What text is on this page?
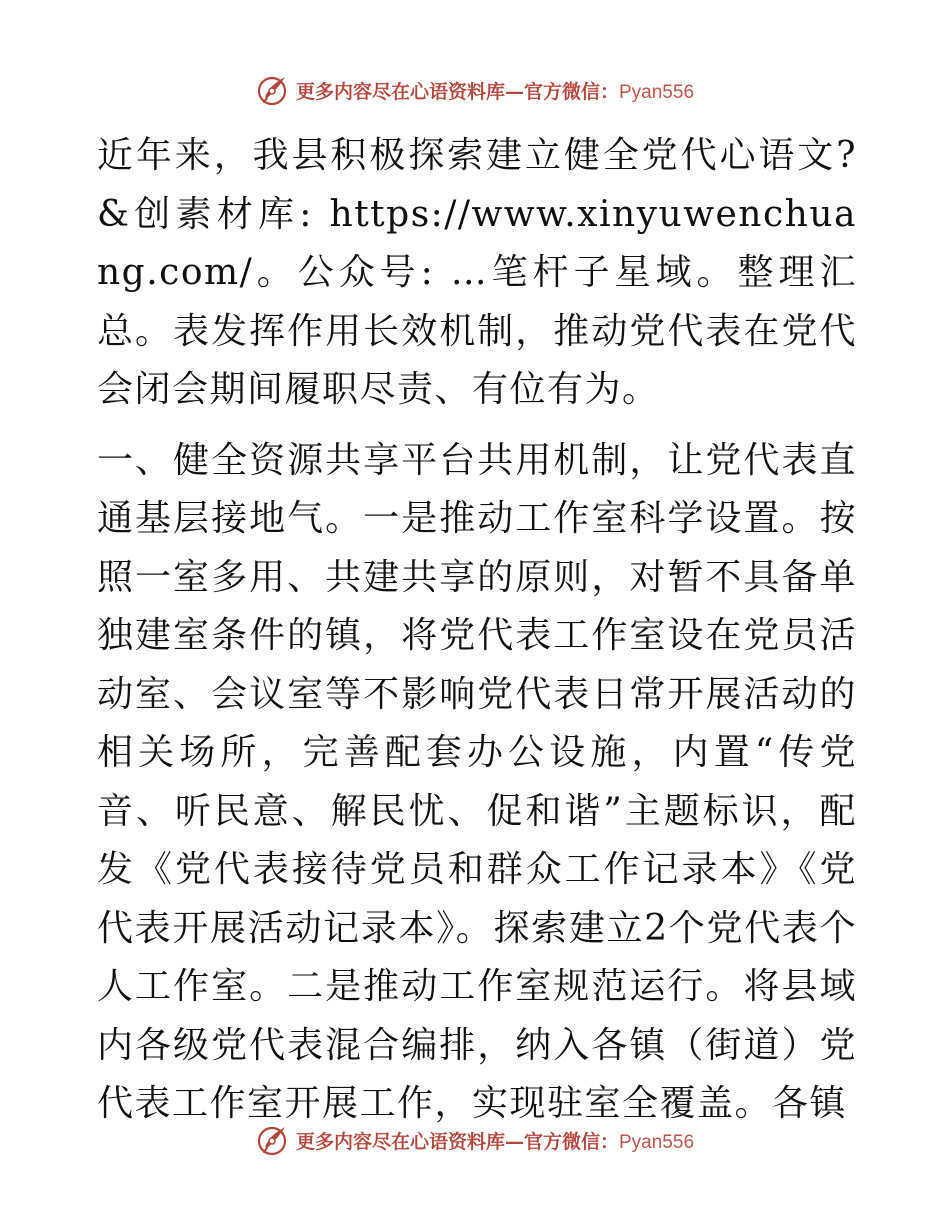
更多内容尽在心语资料库—官方微信：Pyan556

近年来，我县积极探索建立健全党代心语文?&创素材库: https://www.xinyuwenchuang.com/。公众号: …笔杆子星域。整理汇总。表发挥作用长效机制，推动党代表在党代会闭会期间履职尽责、有位有为。

一、健全资源共享平台共用机制，让党代表直通基层接地气。一是推动工作室科学设置。按照一室多用、共建共享的原则，对暂不具备单独建室条件的镇，将党代表工作室设在党员活动室、会议室等不影响党代表日常开展活动的相关场所，完善配套办公设施，内置“传党音、听民意、解民忧、促和谐”主题标识，配发《党代表接待党员和群众工作记录本》《党代表开展活动记录本》。探索建立2个党代表个人工作室。二是推动工作室规范运行。将县域内各级党代表混合编排，纳入各镇（街道）党代表工作室开展工作，实现驻室全覆盖。各镇

更多内容尽在心语资料库—官方微信：Pyan556
